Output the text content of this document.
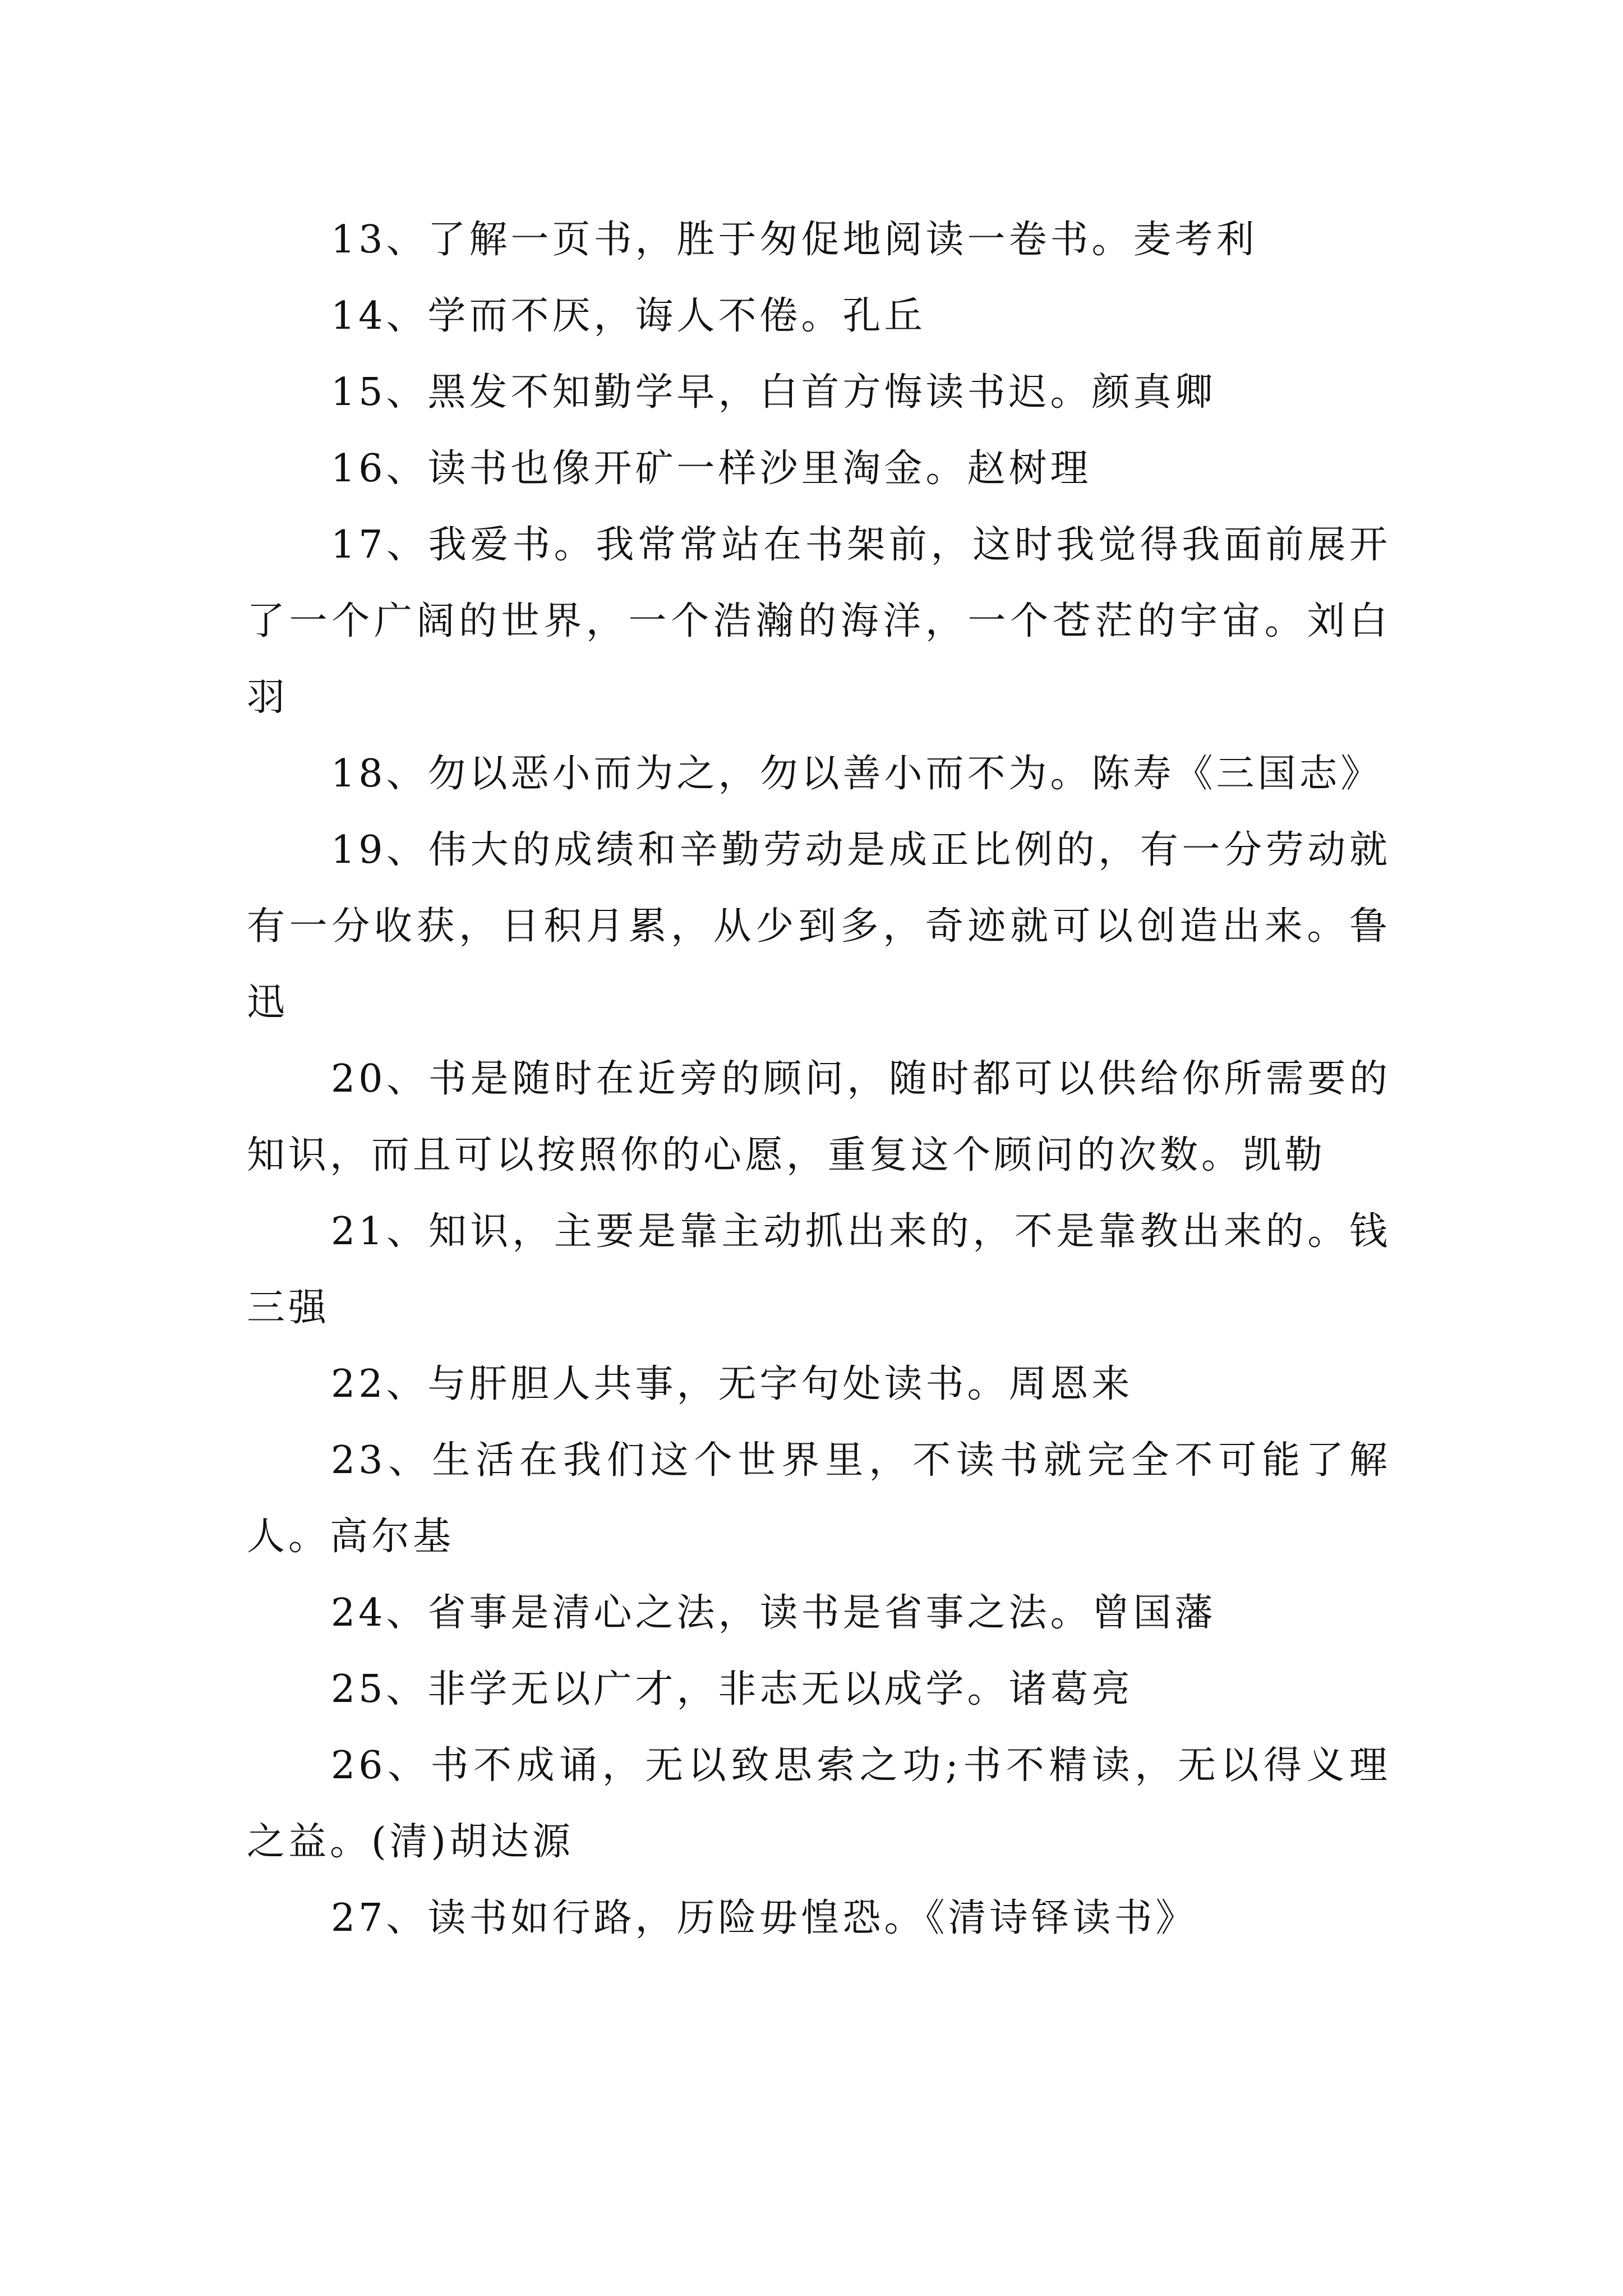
13、了解一页书，胜于匆促地阅读一卷书。麦考利

14、学而不厌，诲人不倦。孔丘

15、黑发不知勤学早，白首方悔读书迟。颜真卿

16、读书也像开矿一样沙里淘金。赵树理

17、我爱书。我常常站在书架前，这时我觉得我面前展开了一个广阔的世界，一个浩瀚的海洋，一个苍茫的宇宙。刘白羽

18、勿以恶小而为之，勿以善小而不为。陈寿《三国志》

19、伟大的成绩和辛勤劳动是成正比例的，有一分劳动就有一分收获，日积月累，从少到多，奇迹就可以创造出来。鲁迅

20、书是随时在近旁的顾问，随时都可以供给你所需要的知识，而且可以按照你的心愿，重复这个顾问的次数。凯勒

21、知识，主要是靠主动抓出来的，不是靠教出来的。钱三强

22、与肝胆人共事，无字句处读书。周恩来

23、生活在我们这个世界里，不读书就完全不可能了解人。高尔基

24、省事是清心之法，读书是省事之法。曾国藩

25、非学无以广才，非志无以成学。诸葛亮

26、书不成诵，无以致思索之功;书不精读，无以得义理之益。(清)胡达源

27、读书如行路，历险毋惶恐。《清诗铎读书》
